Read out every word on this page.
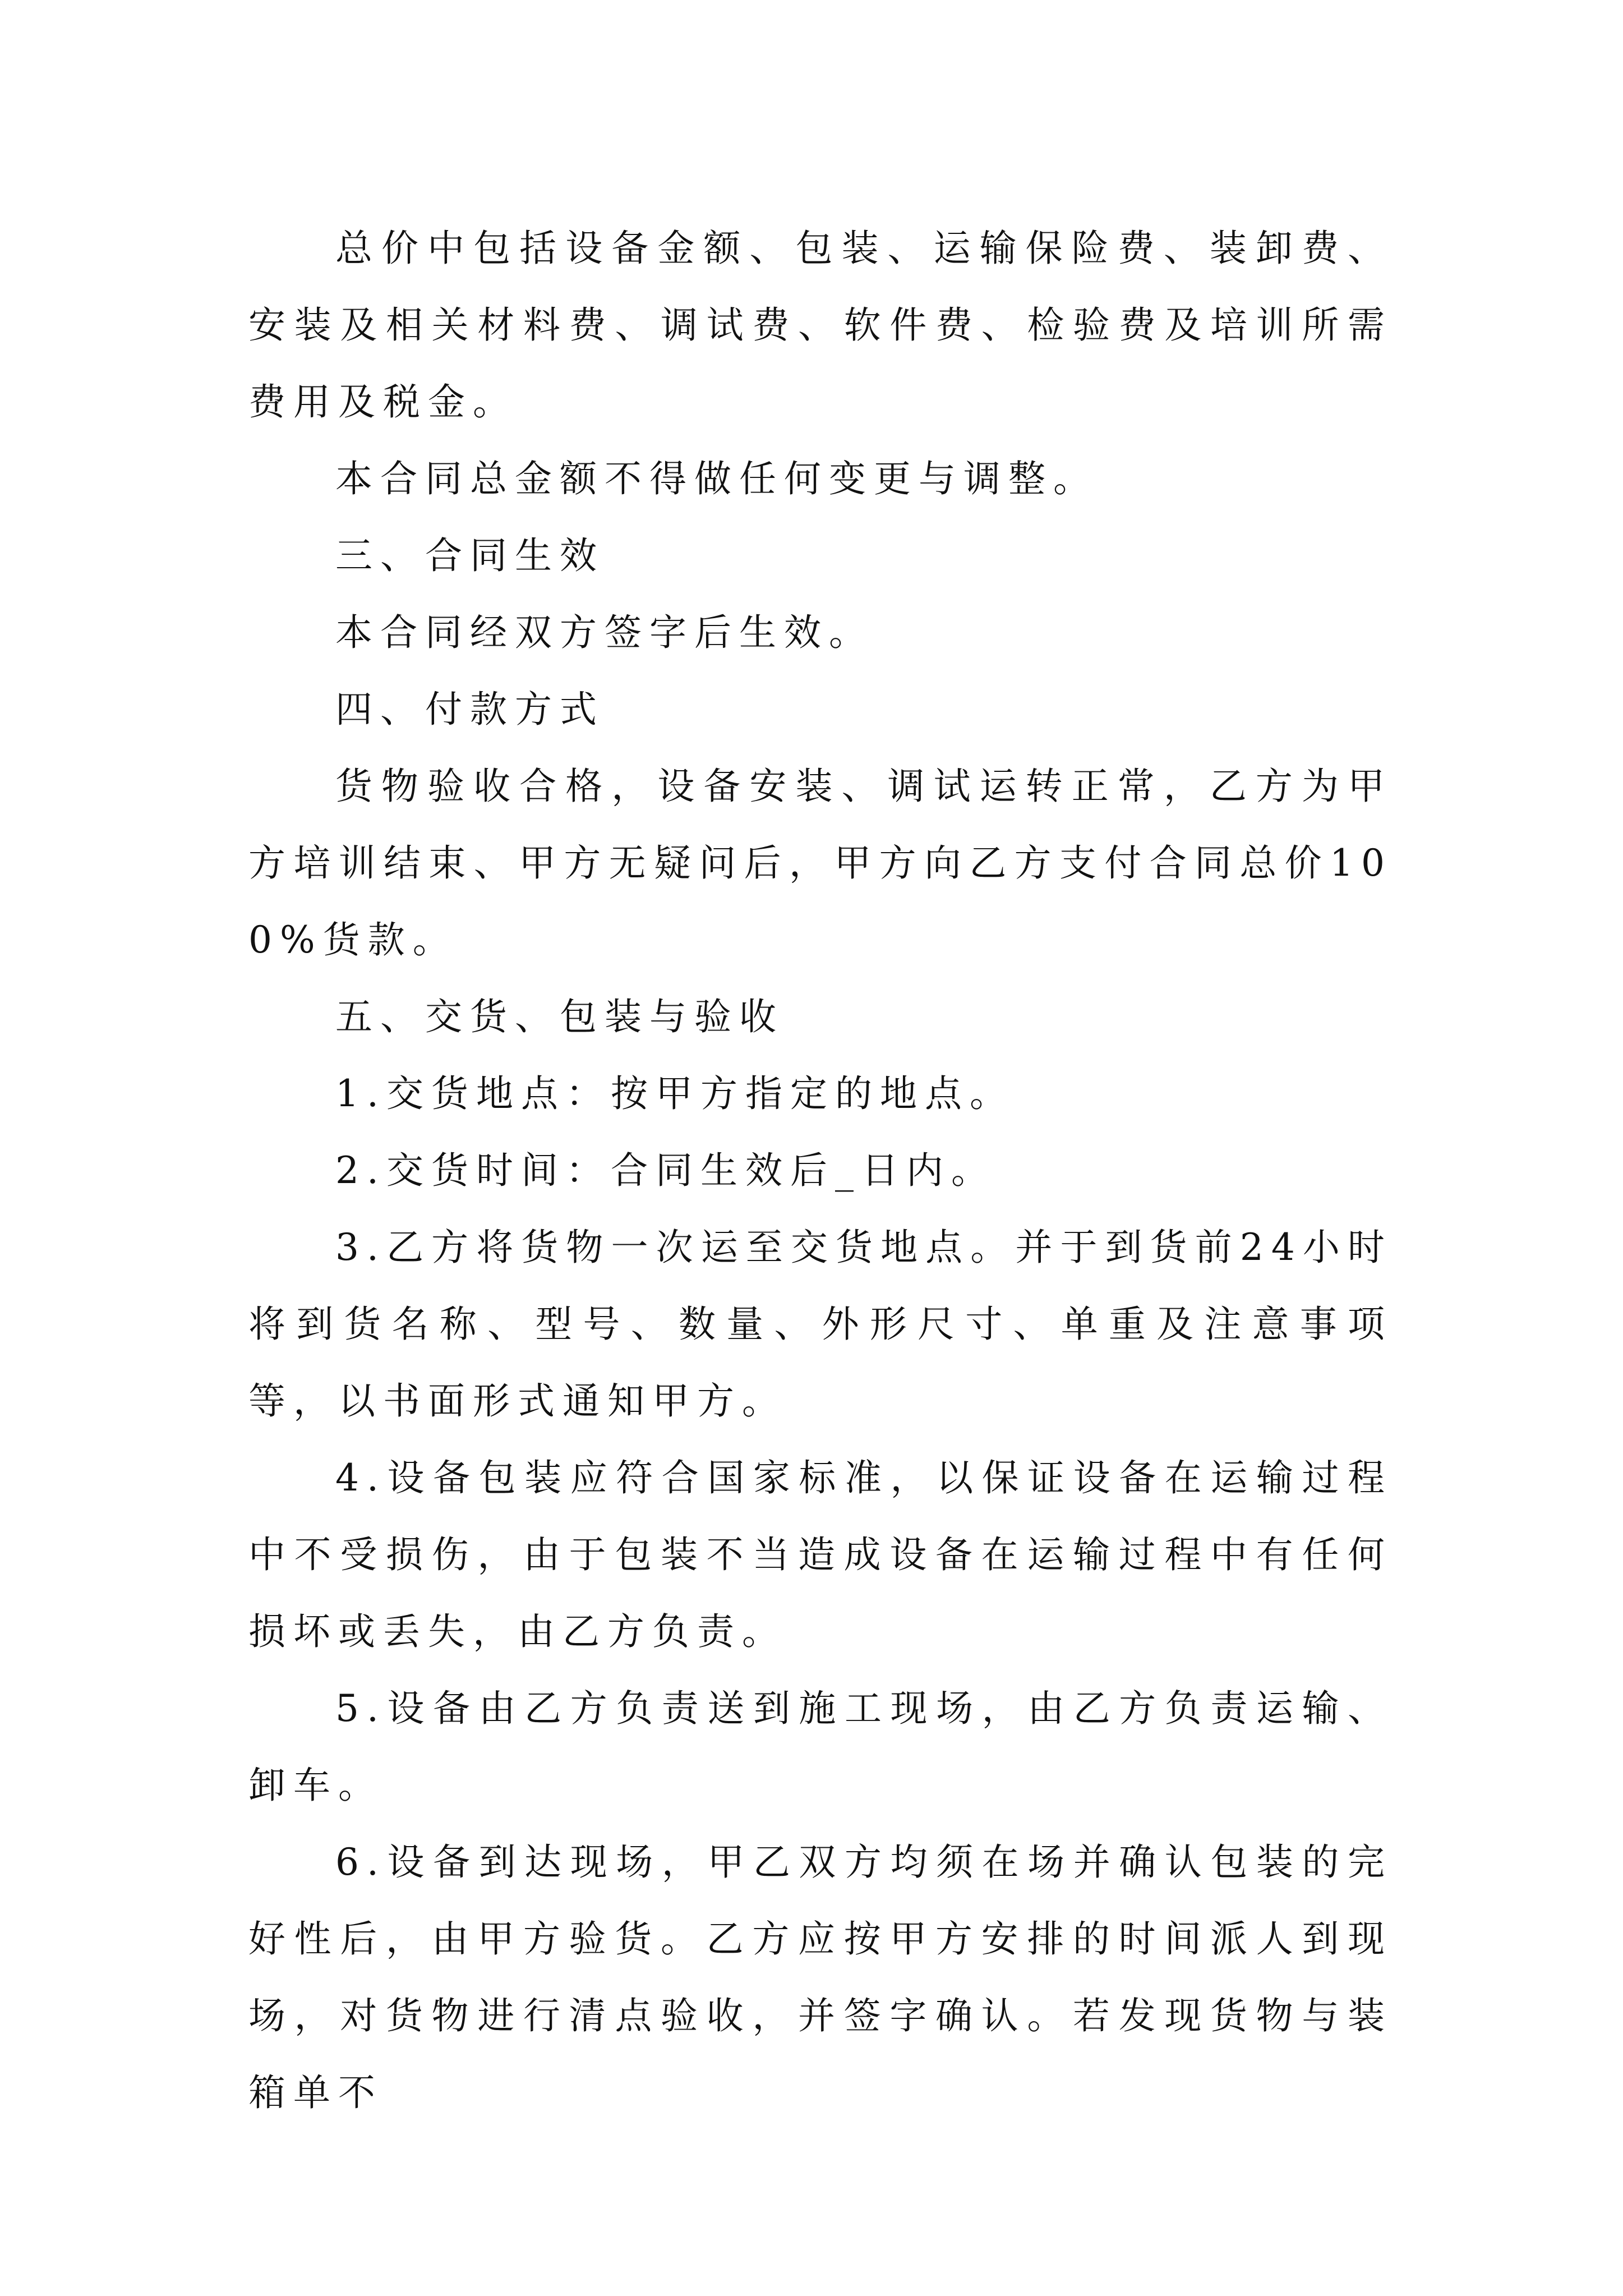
总价中包括设备金额、包装、运输保险费、装卸费、安装及相关材料费、调试费、软件费、检验费及培训所需费用及税金。

本合同总金额不得做任何变更与调整。

三、合同生效

本合同经双方签字后生效。

四、付款方式

货物验收合格，设备安装、调试运转正常，乙方为甲方培训结束、甲方无疑问后，甲方向乙方支付合同总价100%货款。

五、交货、包装与验收

1.交货地点：按甲方指定的地点。

2.交货时间：合同生效后_日内。

3.乙方将货物一次运至交货地点。并于到货前24小时将到货名称、型号、数量、外形尺寸、单重及注意事项等，以书面形式通知甲方。

4.设备包装应符合国家标准，以保证设备在运输过程中不受损伤，由于包装不当造成设备在运输过程中有任何损坏或丢失，由乙方负责。

5.设备由乙方负责送到施工现场，由乙方负责运输、卸车。

6.设备到达现场，甲乙双方均须在场并确认包装的完好性后，由甲方验货。乙方应按甲方安排的时间派人到现场，对货物进行清点验收，并签字确认。若发现货物与装箱单不
